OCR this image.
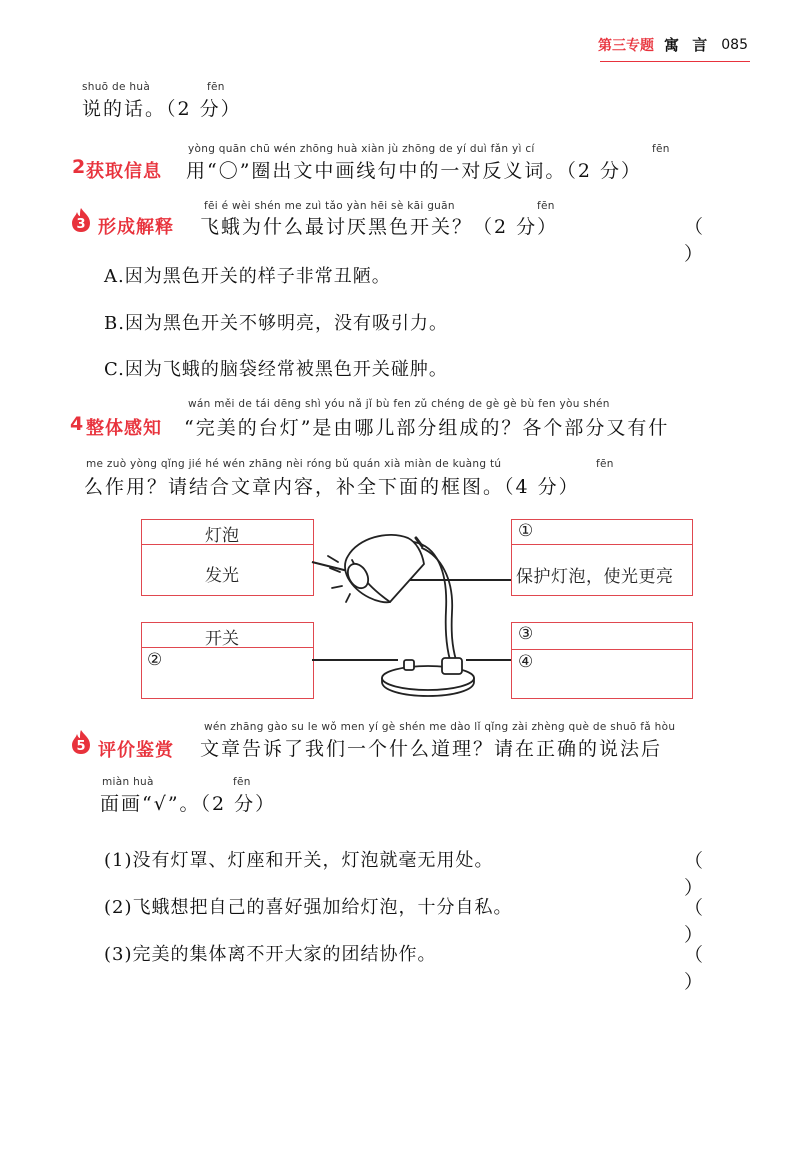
第三专题 寓 言 085
shuō de huà	fēn
说的话。（2 分）
yòng quān chū wén zhōng huà xiàn jù zhōng de yí duì fǎn yì cí	fēn
2 获取信息 用“〇”圈出文中画线句中的一对反义词。（2 分）
fēi é wèi shén me zuì tǎo yàn hēi sè kāi guān	fēn
3 形成解释 飞蛾为什么最讨厌黑色开关？（2 分）	（ ）
A.因为黑色开关的样子非常丑陋。
B.因为黑色开关不够明亮，没有吸引力。
C.因为飞蛾的脑袋经常被黑色开关碰肿。
wán měi de tái dēng shì yóu nǎ jǐ bù fen zǔ chéng de gè gè bù fen yòu shén
4 整体感知 “完美的台灯”是由哪儿部分组成的？各个部分又有什
me zuò yòng qǐng jié hé wén zhāng nèi róng bǔ quán xià miàn de kuàng tú	fēn
么作用？请结合文章内容，补全下面的框图。（4 分）
灯泡
发光
开关
②
①
保护灯泡，使光更亮
③
④
wén zhāng gào su le wǒ men yí gè shén me dào lǐ qǐng zài zhèng què de shuō fǎ hòu
5 评价鉴赏 文章告诉了我们一个什么道理？请在正确的说法后
miàn huà	fēn
面画“√”。（2 分）
(1)没有灯罩、灯座和开关，灯泡就毫无用处。	（ ）
(2)飞蛾想把自己的喜好强加给灯泡，十分自私。	（ ）
(3)完美的集体离不开大家的团结协作。	（ ）
